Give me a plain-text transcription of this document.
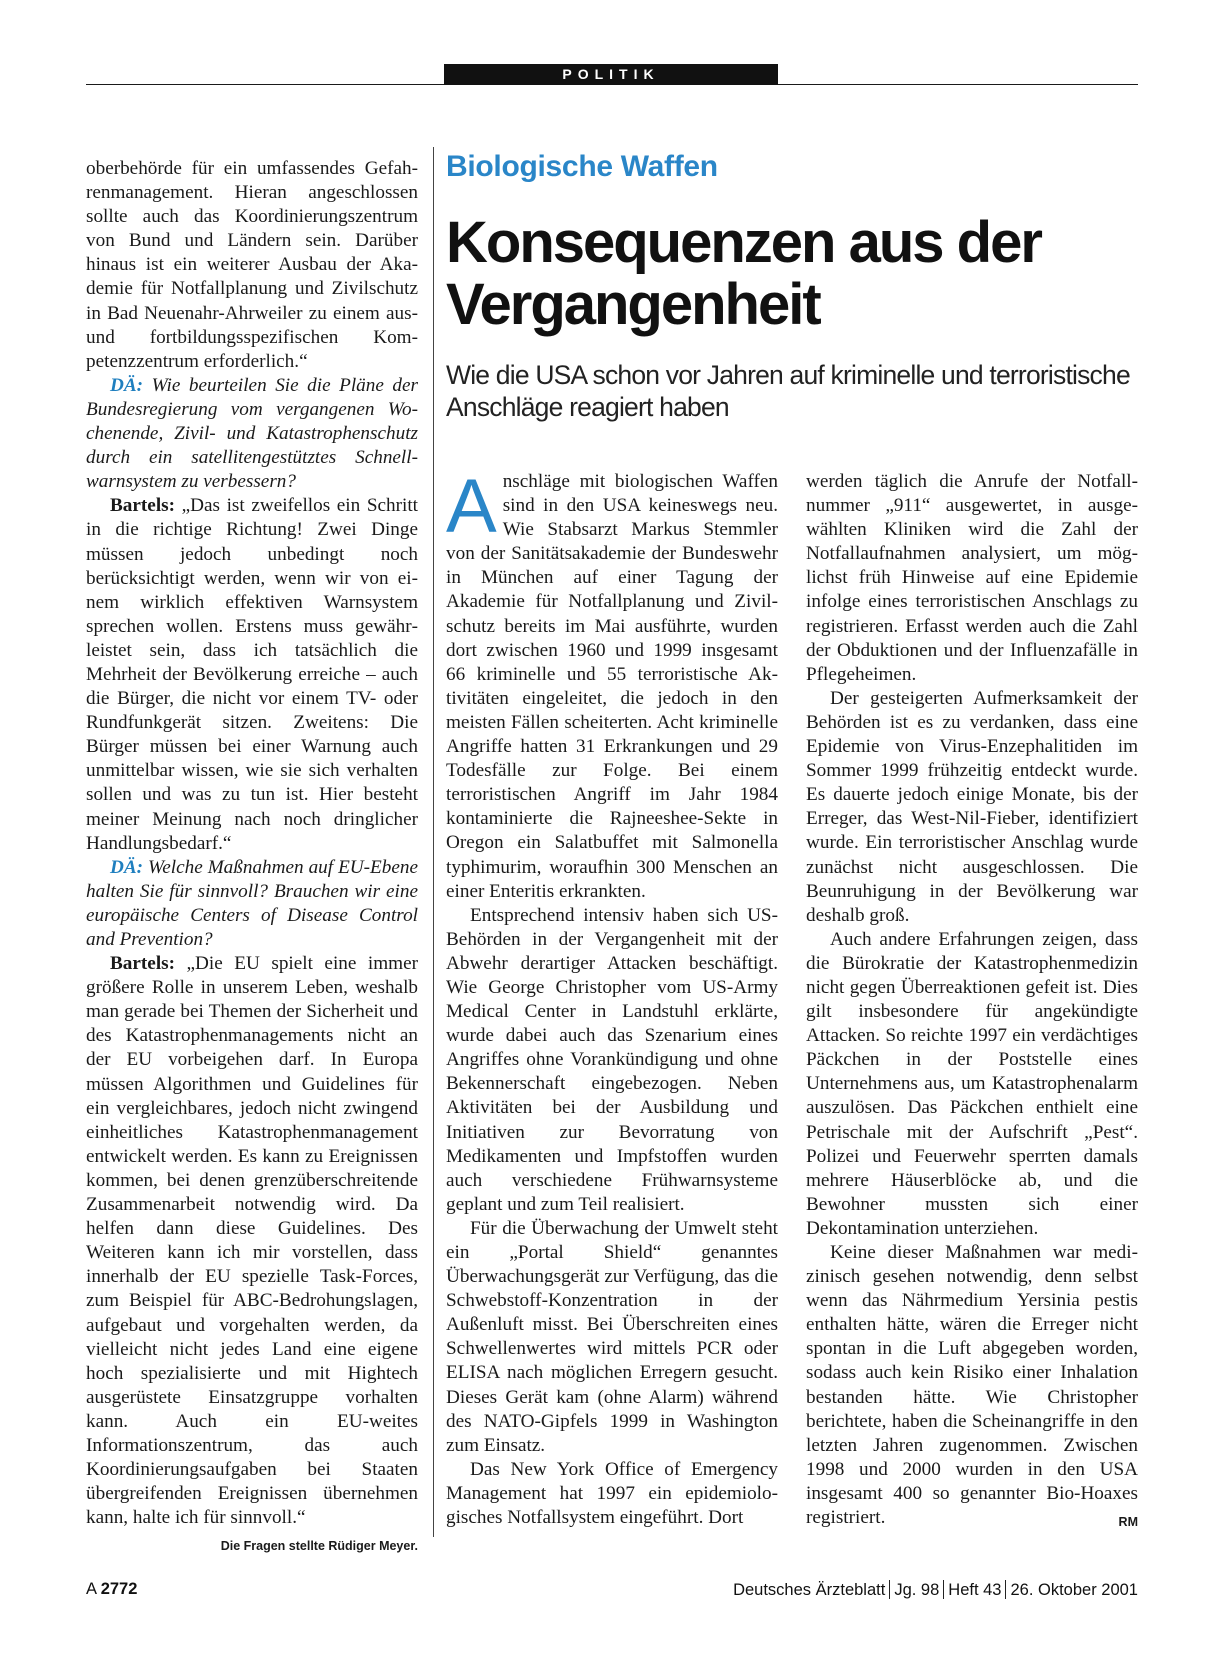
POLITIK

oberbehörde für ein umfassendes Gefahrenmanagement. Hieran angeschlossen sollte auch das Koordinierungszentrum von Bund und Ländern sein. Darüber hinaus ist ein weiterer Ausbau der Akademie für Notfallplanung und Zivilschutz in Bad Neuenahr-Ahrweiler zu einem aus- und fortbildungsspezifischen Kompetenzzentrum erforderlich.“

DÄ: Wie beurteilen Sie die Pläne der Bundesregierung vom vergangenen Wochenende, Zivil- und Katastrophenschutz durch ein satellitengestütztes Schnellwarnsystem zu verbessern?

Bartels: „Das ist zweifellos ein Schritt in die richtige Richtung! Zwei Dinge müssen jedoch unbedingt noch berücksichtigt werden, wenn wir von einem wirklich effektiven Warnsystem sprechen wollen. Erstens muss gewährleistet sein, dass ich tatsächlich die Mehrheit der Bevölkerung erreiche – auch die Bürger, die nicht vor einem TV- oder Rundfunkgerät sitzen. Zweitens: Die Bürger müssen bei einer Warnung auch unmittelbar wissen, wie sie sich verhalten sollen und was zu tun ist. Hier besteht meiner Meinung nach noch dringlicher Handlungsbedarf.“

DÄ: Welche Maßnahmen auf EU-Ebene halten Sie für sinnvoll? Brauchen wir eine europäische Centers of Disease Control and Prevention?

Bartels: „Die EU spielt eine immer größere Rolle in unserem Leben, weshalb man gerade bei Themen der Sicherheit und des Katastrophenmanagements nicht an der EU vorbeigehen darf. In Europa müssen Algorithmen und Guidelines für ein vergleichbares, jedoch nicht zwingend einheitliches Katastrophenmanagement entwickelt werden. Es kann zu Ereignissen kommen, bei denen grenzüberschreitende Zusammenarbeit notwendig wird. Da helfen dann diese Guidelines. Des Weiteren kann ich mir vorstellen, dass innerhalb der EU spezielle Task-Forces, zum Beispiel für ABC-Bedrohungslagen, aufgebaut und vorgehalten werden, da vielleicht nicht jedes Land eine eigene hoch spezialisierte und mit Hightech ausgerüstete Einsatzgruppe vorhalten kann. Auch ein EU-weites Informationszentrum, das auch Koordinierungsaufgaben bei Staaten übergreifenden Ereignissen übernehmen kann, halte ich für sinnvoll.“
Die Fragen stellte Rüdiger Meyer.

Biologische Waffen
Konsequenzen aus der Vergangenheit
Wie die USA schon vor Jahren auf kriminelle und terroristische Anschläge reagiert haben

Anschläge mit biologischen Waffen sind in den USA keineswegs neu. Wie Stabsarzt Markus Stemmler von der Sanitätsakademie der Bundeswehr in München auf einer Tagung der Akademie für Notfallplanung und Zivilschutz bereits im Mai ausführte, wurden dort zwischen 1960 und 1999 insgesamt 66 kriminelle und 55 terroristische Aktivitäten eingeleitet, die jedoch in den meisten Fällen scheiterten. Acht kriminelle Angriffe hatten 31 Erkrankungen und 29 Todesfälle zur Folge. Bei einem terroristischen Angriff im Jahr 1984 kontaminierte die Rajneeshee-Sekte in Oregon ein Salatbuffet mit Salmonella typhimurim, woraufhin 300 Menschen an einer Enteritis erkrankten.

Entsprechend intensiv haben sich US-Behörden in der Vergangenheit mit der Abwehr derartiger Attacken beschäftigt. Wie George Christopher vom US-Army Medical Center in Landstuhl erklärte, wurde dabei auch das Szenarium eines Angriffes ohne Vorankündigung und ohne Bekennerschaft eingebezogen. Neben Aktivitäten bei der Ausbildung und Initiativen zur Bevorratung von Medikamenten und Impfstoffen wurden auch verschiedene Frühwarnsysteme geplant und zum Teil realisiert.

Für die Überwachung der Umwelt steht ein „Portal Shield“ genanntes Überwachungsgerät zur Verfügung, das die Schwebstoff-Konzentration in der Außenluft misst. Bei Überschreiten eines Schwellenwertes wird mittels PCR oder ELISA nach möglichen Erregern gesucht. Dieses Gerät kam (ohne Alarm) während des NATO-Gipfels 1999 in Washington zum Einsatz.

Das New York Office of Emergency Management hat 1997 ein epidemiologisches Notfallsystem eingeführt. Dort

werden täglich die Anrufe der Notfallnummer „911“ ausgewertet, in ausgewählten Kliniken wird die Zahl der Notfallaufnahmen analysiert, um möglichst früh Hinweise auf eine Epidemie infolge eines terroristischen Anschlags zu registrieren. Erfasst werden auch die Zahl der Obduktionen und der Influenzafälle in Pflegeheimen.

Der gesteigerten Aufmerksamkeit der Behörden ist es zu verdanken, dass eine Epidemie von Virus-Enzephalitiden im Sommer 1999 frühzeitig entdeckt wurde. Es dauerte jedoch einige Monate, bis der Erreger, das West-Nil-Fieber, identifiziert wurde. Ein terroristischer Anschlag wurde zunächst nicht ausgeschlossen. Die Beunruhigung in der Bevölkerung war deshalb groß.

Auch andere Erfahrungen zeigen, dass die Bürokratie der Katastrophenmedizin nicht gegen Überreaktionen gefeit ist. Dies gilt insbesondere für angekündigte Attacken. So reichte 1997 ein verdächtiges Päckchen in der Poststelle eines Unternehmens aus, um Katastrophenalarm auszulösen. Das Päckchen enthielt eine Petrischale mit der Aufschrift „Pest“. Polizei und Feuerwehr sperrten damals mehrere Häuserblöcke ab, und die Bewohner mussten sich einer Dekontamination unterziehen.

Keine dieser Maßnahmen war medizinisch gesehen notwendig, denn selbst wenn das Nährmedium Yersinia pestis enthalten hätte, wären die Erreger nicht spontan in die Luft abgegeben worden, sodass auch kein Risiko einer Inhalation bestanden hätte. Wie Christopher berichtete, haben die Scheinangriffe in den letzten Jahren zugenommen. Zwischen 1998 und 2000 wurden in den USA insgesamt 400 so genannter Bio-Hoaxes registriert.	RM

A 2772	Deutsches Ärzteblatt Jg. 98 Heft 43 26. Oktober 2001
